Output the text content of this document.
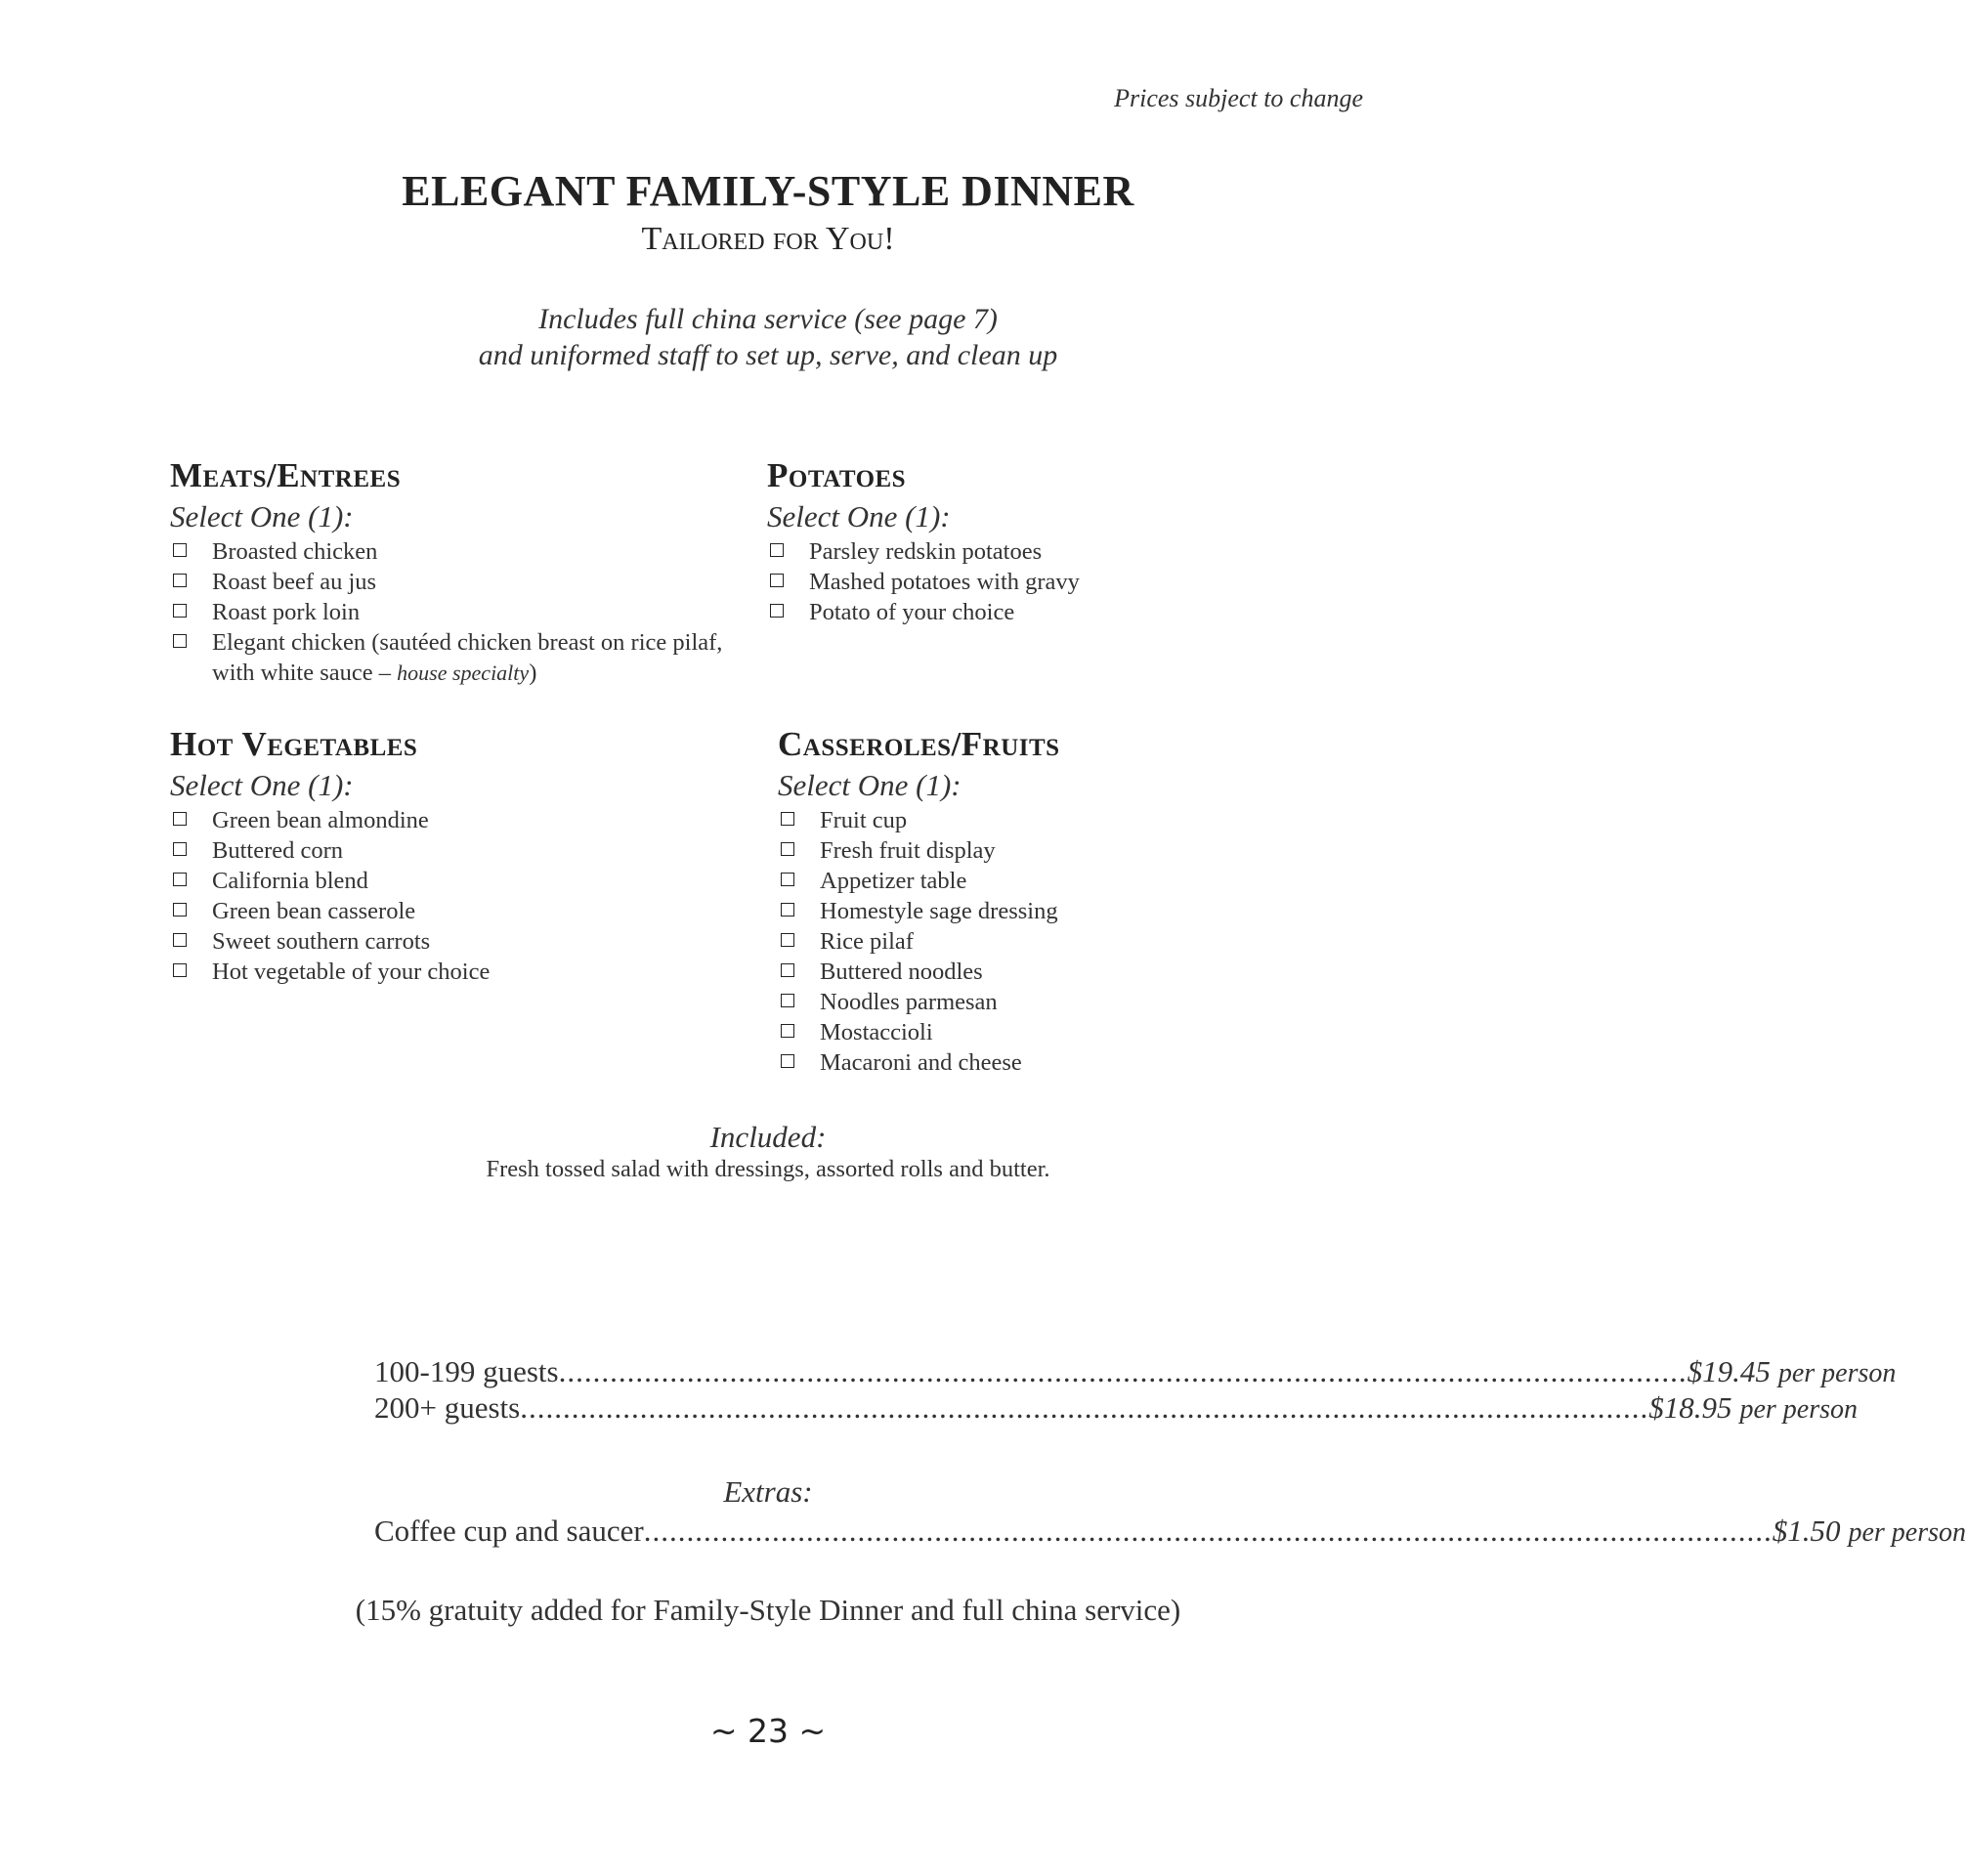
Prices subject to change
ELEGANT FAMILY-STYLE DINNER
Tailored for You!
Includes full china service (see page 7)
and uniformed staff to set up, serve, and clean up
Meats/Entrees
Select One (1):
Broasted chicken
Roast beef au jus
Roast pork loin
Elegant chicken (sautéed chicken breast on rice pilaf,
with white sauce – house specialty)
Potatoes
Select One (1):
Parsley redskin potatoes
Mashed potatoes with gravy
Potato of your choice
Hot Vegetables
Select One (1):
Green bean almondine
Buttered corn
California blend
Green bean casserole
Sweet southern carrots
Hot vegetable of your choice
Casseroles/Fruits
Select One (1):
Fruit cup
Fresh fruit display
Appetizer table
Homestyle sage dressing
Rice pilaf
Buttered noodles
Noodles parmesan
Mostaccioli
Macaroni and cheese
Included:
Fresh tossed salad with dressings, assorted rolls and butter.
100-199 guests .................................................................................................................................... $19.45 per person
200+ guests .................................................................................................................................... $18.95 per person
Extras:
Coffee cup and saucer .................................................................................................................................... $1.50 per person
(15% gratuity added for Family-Style Dinner and full china service)
~ 23 ~
